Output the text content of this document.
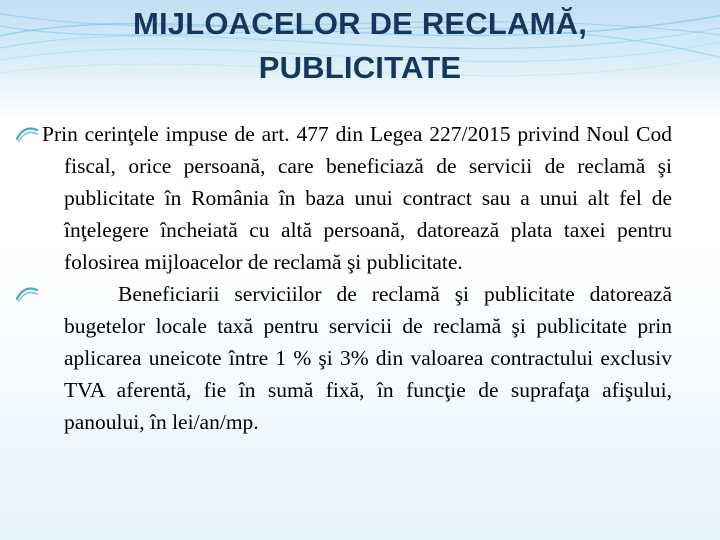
MIJLOACELOR DE RECLAMĂ,
PUBLICITATE
Prin cerinţele impuse de art. 477 din Legea 227/2015 privind Noul Cod fiscal, orice persoană, care beneficiază de servicii de reclamă şi publicitate în România în baza unui contract sau a unui alt fel de înţelegere încheiată cu altă persoană, datorează plata taxei pentru folosirea mijloacelor de reclamă şi publicitate.
Beneficiarii serviciilor de reclamă şi publicitate datorează bugetelor locale taxă pentru servicii de reclamă şi publicitate prin aplicarea uneicote între 1 % şi 3% din valoarea contractului exclusiv TVA aferentă, fie în sumă fixă, în funcţie de suprafaţa afişului, panoului, în lei/an/mp.
